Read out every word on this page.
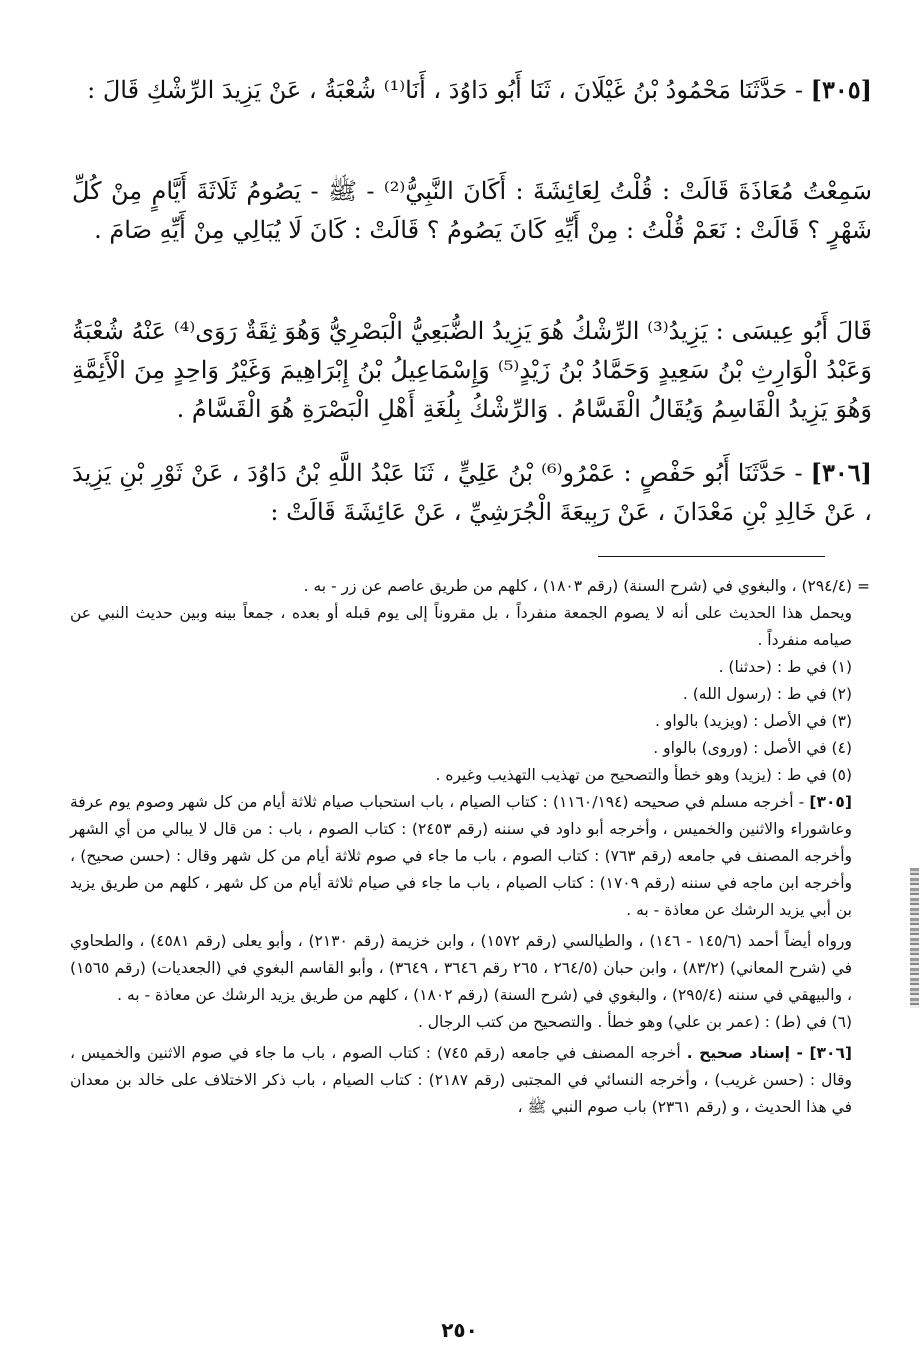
[٣٠٥] - حَدَّثَنَا مَحْمُودُ بْنُ غَيْلَانَ ، ثَنَا أَبُو دَاوُدَ ، أَنَا⁽¹⁾ شُعْبَةُ ، عَنْ يَزِيدَ الرِّشْكِ قَالَ :

سَمِعْتُ مُعَاذَةَ قَالَتْ : قُلْتُ لِعَائِشَةَ : أَكَانَ النَّبِيُّ⁽²⁾ - ﷺ - يَصُومُ ثَلَاثَةَ أَيَّامٍ مِنْ كُلِّ شَهْرٍ ؟ قَالَتْ : نَعَمْ قُلْتُ : مِنْ أَيِّهِ كَانَ يَصُومُ ؟ قَالَتْ : كَانَ لَا يُبَالِي مِنْ أَيِّهِ صَامَ .

قَالَ أَبُو عِيسَى : يَزِيدُ⁽³⁾ الرِّشْكُ هُوَ يَزِيدُ الضُّبَعِيُّ الْبَصْرِيُّ وَهُوَ ثِقَةٌ رَوَى⁽⁴⁾ عَنْهُ شُعْبَةُ وَعَبْدُ الْوَارِثِ بْنُ سَعِيدٍ وَحَمَّادُ بْنُ زَيْدٍ⁽⁵⁾ وَإِسْمَاعِيلُ بْنُ إِبْرَاهِيمَ وَغَيْرُ وَاحِدٍ مِنَ الْأَئِمَّةِ وَهُوَ يَزِيدُ الْقَاسِمُ وَيُقَالُ الْقَسَّامُ . وَالرِّشْكُ بِلُغَةِ أَهْلِ الْبَصْرَةِ هُوَ الْقَسَّامُ .

[٣٠٦] - حَدَّثَنَا أَبُو حَفْصٍ : عَمْرُو⁽⁶⁾ بْنُ عَلِيٍّ ، ثَنَا عَبْدُ اللَّهِ بْنُ دَاوُدَ ، عَنْ ثَوْرِ بْنِ يَزِيدَ ، عَنْ خَالِدِ بْنِ مَعْدَانَ ، عَنْ رَبِيعَةَ الْجُرَشِيِّ ، عَنْ عَائِشَةَ قَالَتْ :

= (٢٩٤/٤) ، والبغوي في (شرح السنة) (رقم ١٨٠٣) ، كلهم من طريق عاصم عن زر - به .

ويحمل هذا الحديث على أنه لا يصوم الجمعة منفرداً ، بل مقروناً إلى يوم قبله أو بعده ، جمعاً بينه وبين حديث النبي عن صيامه منفرداً .

(١) في ط : (حدثنا) .

(٢) في ط : (رسول الله) .

(٣) في الأصل : (ويزيد) بالواو .

(٤) في الأصل : (وروى) بالواو .

(٥) في ط : (يزيد) وهو خطأ والتصحيح من تهذيب التهذيب وغيره .

[٣٠٥] - أخرجه مسلم في صحيحه (١١٦٠/١٩٤) : كتاب الصيام ، باب استحباب صيام ثلاثة أيام من كل شهر وصوم يوم عرفة وعاشوراء والاثنين والخميس ، وأخرجه أبو داود في سننه (رقم ٢٤٥٣) : كتاب الصوم ، باب : من قال لا يبالي من أي الشهر وأخرجه المصنف في جامعه (رقم ٧٦٣) : كتاب الصوم ، باب ما جاء في صوم ثلاثة أيام من كل شهر وقال : (حسن صحيح) ، وأخرجه ابن ماجه في سننه (رقم ١٧٠٩) : كتاب الصيام ، باب ما جاء في صيام ثلاثة أيام من كل شهر ، كلهم من طريق يزيد بن أبي يزيد الرشك عن معاذة - به .

ورواه أيضاً أحمد (١٤٥/٦ - ١٤٦) ، والطيالسي (رقم ١٥٧٢) ، وابن خزيمة (رقم ٢١٣٠) ، وأبو يعلى (رقم ٤٥٨١) ، والطحاوي في (شرح المعاني) (٨٣/٢) ، وابن حبان (٢٦٤/٥ ، ٢٦٥ رقم ٣٦٤٦ ، ٣٦٤٩) ، وأبو القاسم البغوي في (الجعديات) (رقم ١٥٦٥) ، والبيهقي في سننه (٢٩٥/٤) ، والبغوي في (شرح السنة) (رقم ١٨٠٢) ، كلهم من طريق يزيد الرشك عن معاذة - به .

(٦) في (ط) : (عمر بن علي) وهو خطأ . والتصحيح من كتب الرجال .

[٣٠٦] - إسناد صحيح . أخرجه المصنف في جامعه (رقم ٧٤٥) : كتاب الصوم ، باب ما جاء في صوم الاثنين والخميس ، وقال : (حسن غريب) ، وأخرجه النسائي في المجتبى (رقم ٢١٨٧) : كتاب الصيام ، باب ذكر الاختلاف على خالد بن معدان في هذا الحديث ، و (رقم ٢٣٦١) باب صوم النبي ﷺ ،

٢٥٠
